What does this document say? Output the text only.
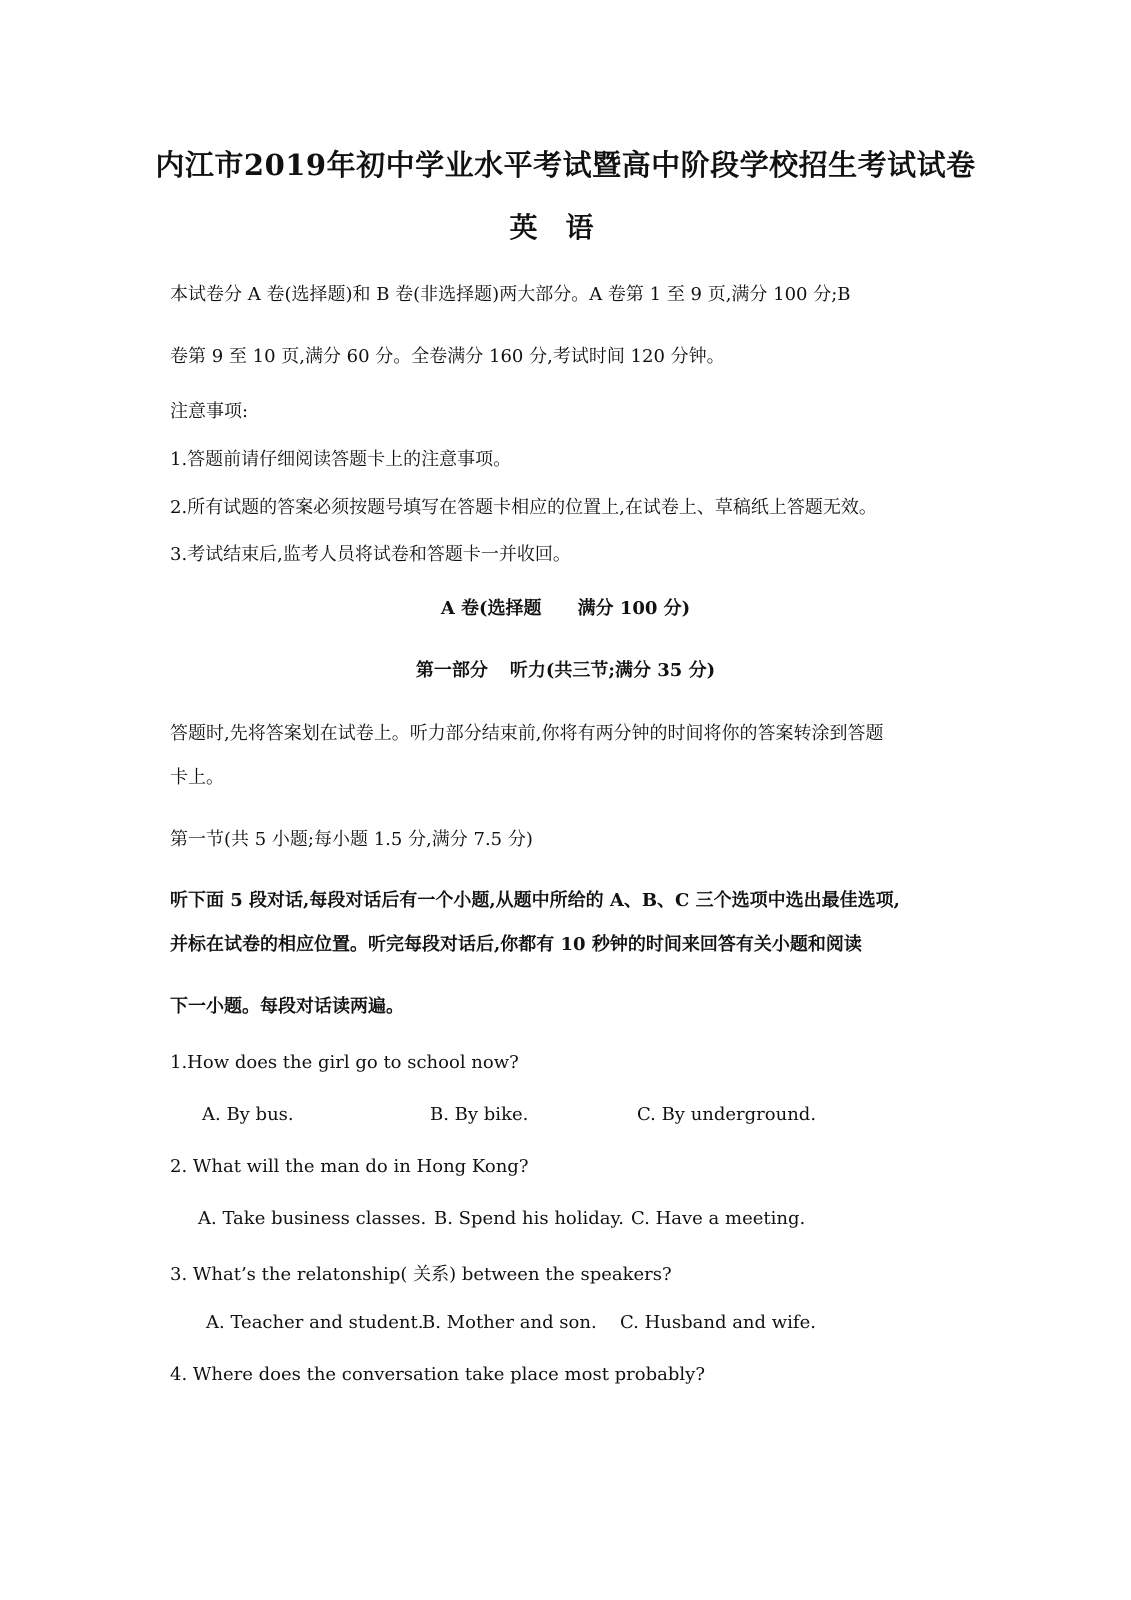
内江市2019年初中学业水平考试暨高中阶段学校招生考试试卷
英语
本试卷分 A 卷(选择题)和 B 卷(非选择题)两大部分。A 卷第 1 至 9 页,满分 100 分;B
卷第 9 至 10 页,满分 60 分。全卷满分 160 分,考试时间 120 分钟。
注意事项:
1.答题前请仔细阅读答题卡上的注意事项。
2.所有试题的答案必须按题号填写在答题卡相应的位置上,在试卷上、草稿纸上答题无效。
3.考试结束后,监考人员将试卷和答题卡一并收回。
A 卷(选择题 满分 100 分)
第一部分 听力(共三节;满分 35 分)
答题时,先将答案划在试卷上。听力部分结束前,你将有两分钟的时间将你的答案转涂到答题
卡上。
第一节(共 5 小题;每小题 1.5 分,满分 7.5 分)
听下面 5 段对话,每段对话后有一个小题,从题中所给的 A、B、C 三个选项中选出最佳选项,
并标在试卷的相应位置。听完每段对话后,你都有 10 秒钟的时间来回答有关小题和阅读
下一小题。每段对话读两遍。
1.How does the girl go to school now?
A. By bus.	B. By bike.	C. By underground.
2. What will the man do in Hong Kong?
A. Take business classes. B. Spend his holiday. C. Have a meeting.
3. What’s the relatonship( 关系) between the speakers?
A. Teacher and student.
B. Mother and son. C. Husband and wife.
4. Where does the conversation take place most probably?
